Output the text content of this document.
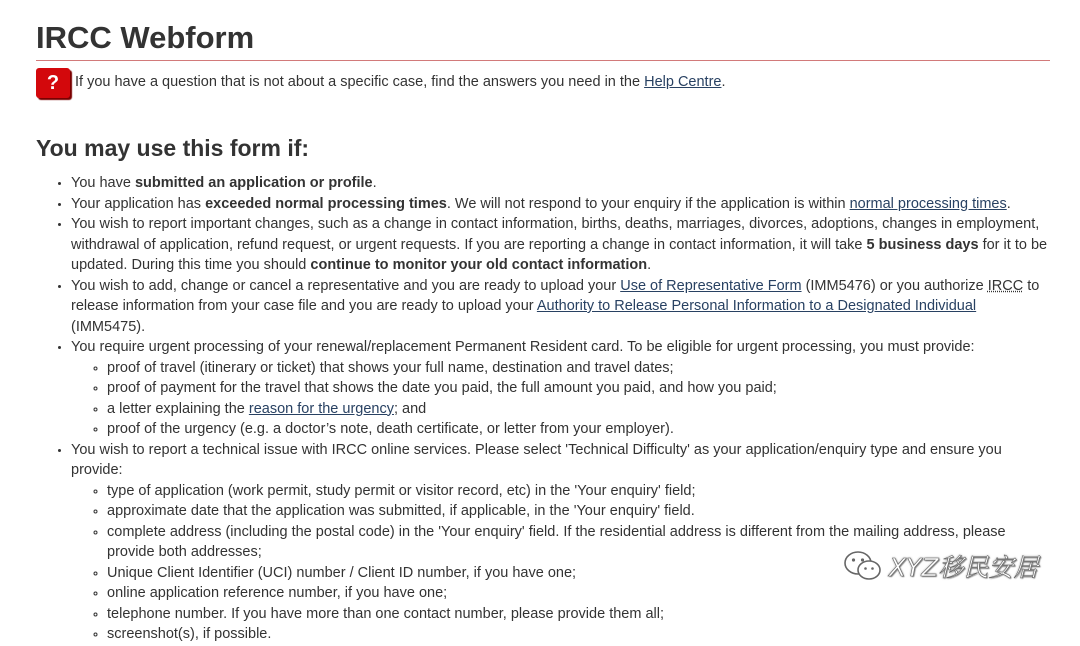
IRCC Webform
?	If you have a question that is not about a specific case, find the answers you need in the Help Centre.
You may use this form if:
• You have submitted an application or profile.
• Your application has exceeded normal processing times. We will not respond to your enquiry if the application is within normal processing times.
• You wish to report important changes, such as a change in contact information, births, deaths, marriages, divorces, adoptions, changes in employment, withdrawal of application, refund request, or urgent requests. If you are reporting a change in contact information, it will take 5 business days for it to be updated. During this time you should continue to monitor your old contact information.
• You wish to add, change or cancel a representative and you are ready to upload your Use of Representative Form (IMM5476) or you authorize IRCC to release information from your case file and you are ready to upload your Authority to Release Personal Information to a Designated Individual (IMM5475).
• You require urgent processing of your renewal/replacement Permanent Resident card. To be eligible for urgent processing, you must provide:
◦ proof of travel (itinerary or ticket) that shows your full name, destination and travel dates;
◦ proof of payment for the travel that shows the date you paid, the full amount you paid, and how you paid;
◦ a letter explaining the reason for the urgency; and
◦ proof of the urgency (e.g. a doctor’s note, death certificate, or letter from your employer).
• You wish to report a technical issue with IRCC online services. Please select 'Technical Difficulty' as your application/enquiry type and ensure you provide:
◦ type of application (work permit, study permit or visitor record, etc) in the 'Your enquiry' field;
◦ approximate date that the application was submitted, if applicable, in the 'Your enquiry' field.
◦ complete address (including the postal code) in the 'Your enquiry' field. If the residential address is different from the mailing address, please provide both addresses;
◦ Unique Client Identifier (UCI) number / Client ID number, if you have one;
◦ online application reference number, if you have one;
◦ telephone number. If you have more than one contact number, please provide them all;
◦ screenshot(s), if possible.
XYZ移民安居
